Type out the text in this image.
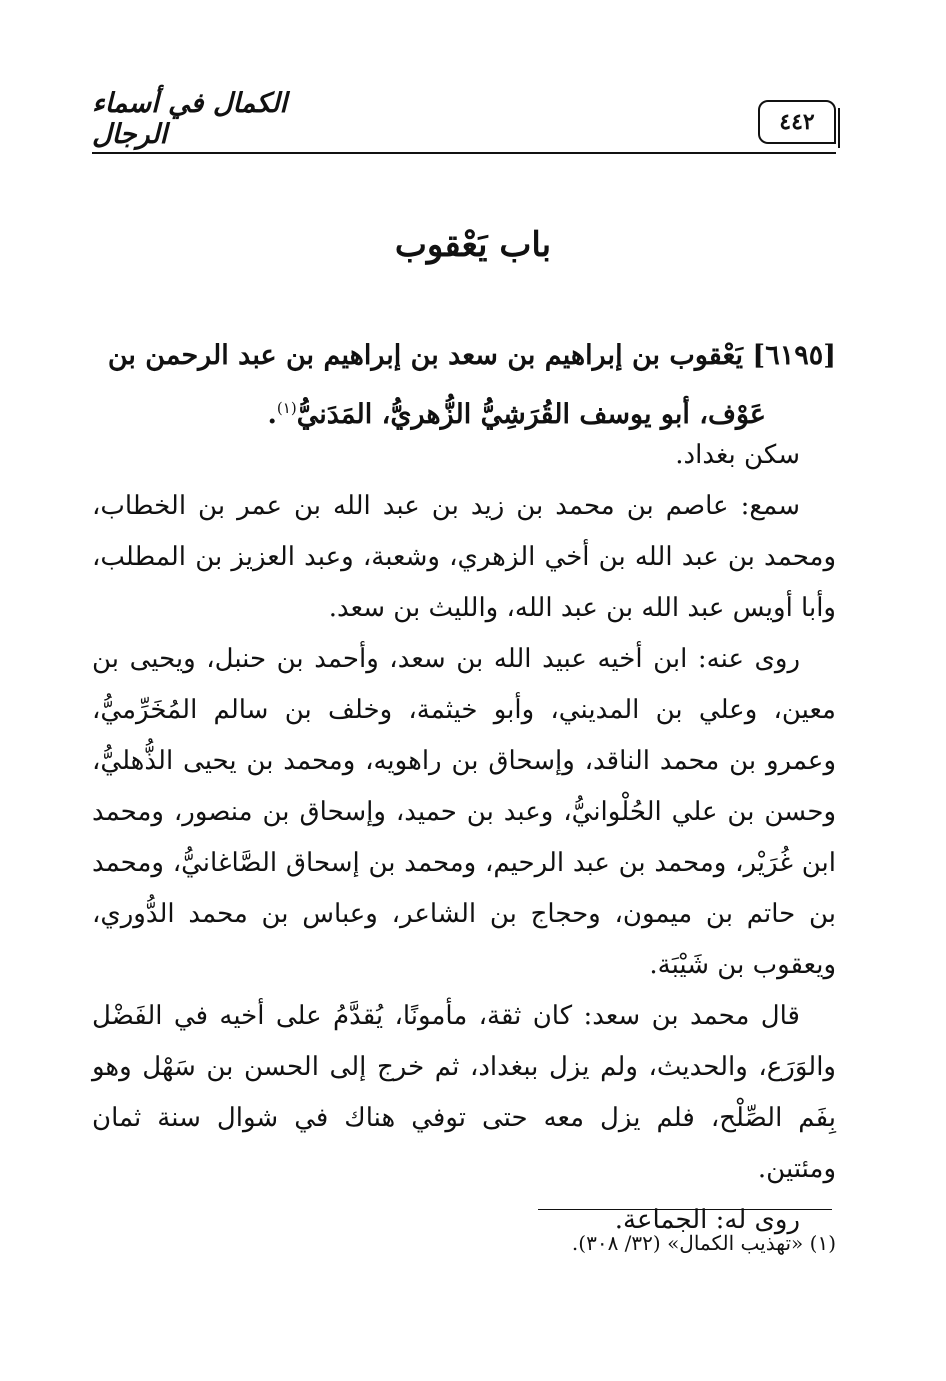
الكمال في أسماء الرجال	٤٤٢
باب يَعْقوب
[٦١٩٥] يَعْقوب بن إبراهيم بن سعد بن إبراهيم بن عبد الرحمن بن
عَوْف، أبو يوسف القُرَشِيُّ الزُّهريُّ، المَدَنيُّ$^{(١)}$.

سكن بغداد.

سمع: عاصم بن محمد بن زيد بن عبد الله بن عمر بن الخطاب، ومحمد بن عبد الله بن أخي الزهري، وشعبة، وعبد العزيز بن المطلب، وأبا أويس عبد الله بن عبد الله، والليث بن سعد.

روى عنه: ابن أخيه عبيد الله بن سعد، وأحمد بن حنبل، ويحيى بن معين، وعلي بن المديني، وأبو خيثمة، وخلف بن سالم المُخَرِّميُّ، وعمرو بن محمد الناقد، وإسحاق بن راهويه، ومحمد بن يحيى الذُّهليُّ، وحسن بن علي الحُلْوانيُّ، وعبد بن حميد، وإسحاق بن منصور، ومحمد ابن غُرَيْر، ومحمد بن عبد الرحيم، ومحمد بن إسحاق الصَّاغانيُّ، ومحمد بن حاتم بن ميمون، وحجاج بن الشاعر، وعباس بن محمد الدُّوري، ويعقوب بن شَيْبَة.

قال محمد بن سعد: كان ثقة، مأمونًا، يُقدَّمُ على أخيه في الفَضْل والوَرَع، والحديث، ولم يزل ببغداد، ثم خرج إلى الحسن بن سَهْل وهو بِفَم الصِّلْح، فلم يزل معه حتى توفي هناك في شوال سنة ثمان ومئتين.

روى له: الجماعة.

(١) «تهذيب الكمال» (٣٢/ ٣٠٨).
